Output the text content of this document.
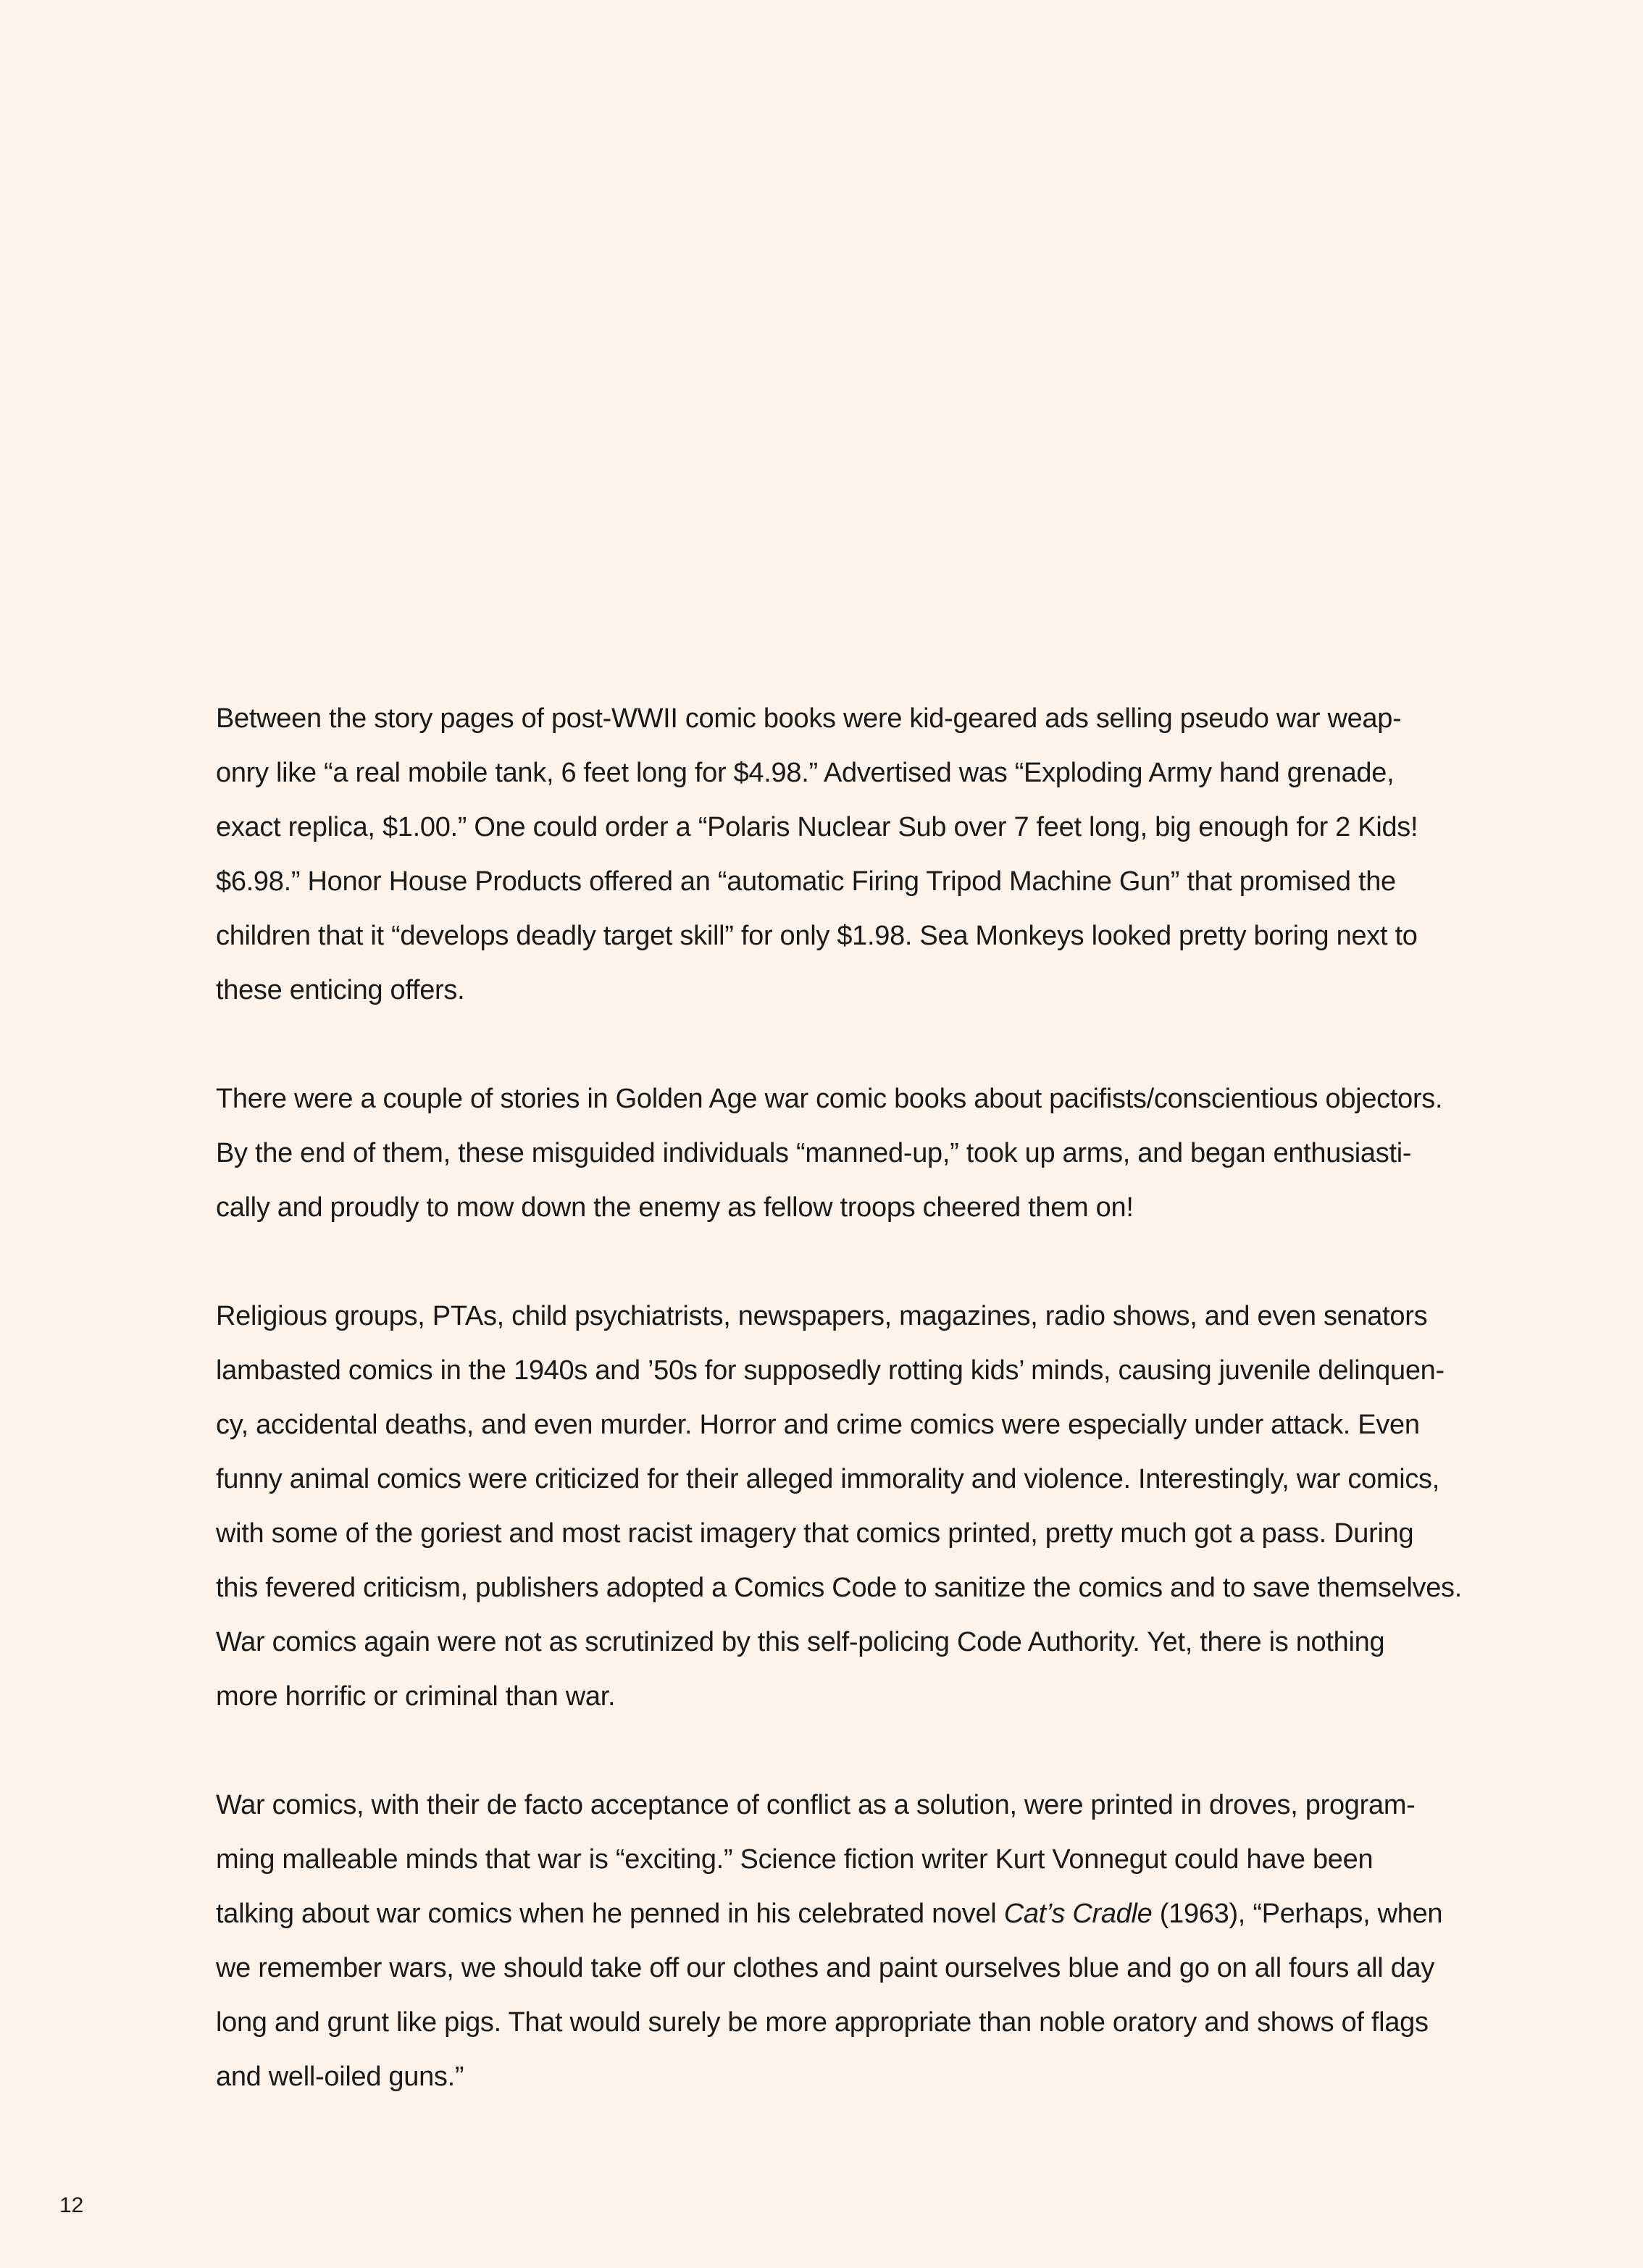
Between the story pages of post-WWII comic books were kid-geared ads selling pseudo war weap-
onry like “a real mobile tank, 6 feet long for $4.98.” Advertised was “Exploding Army hand grenade,
exact replica, $1.00.” One could order a “Polaris Nuclear Sub over 7 feet long, big enough for 2 Kids!
$6.98.” Honor House Products offered an “automatic Firing Tripod Machine Gun” that promised the
children that it “develops deadly target skill” for only $1.98. Sea Monkeys looked pretty boring next to
these enticing offers.

There were a couple of stories in Golden Age war comic books about pacifists/conscientious objectors.
By the end of them, these misguided individuals “manned-up,” took up arms, and began enthusiasti-
cally and proudly to mow down the enemy as fellow troops cheered them on!

Religious groups, PTAs, child psychiatrists, newspapers, magazines, radio shows, and even senators
lambasted comics in the 1940s and ’50s for supposedly rotting kids’ minds, causing juvenile delinquen-
cy, accidental deaths, and even murder. Horror and crime comics were especially under attack. Even
funny animal comics were criticized for their alleged immorality and violence. Interestingly, war comics,
with some of the goriest and most racist imagery that comics printed, pretty much got a pass. During
this fevered criticism, publishers adopted a Comics Code to sanitize the comics and to save themselves.
War comics again were not as scrutinized by this self-policing Code Authority. Yet, there is nothing
more horrific or criminal than war.

War comics, with their de facto acceptance of conflict as a solution, were printed in droves, program-
ming malleable minds that war is “exciting.” Science fiction writer Kurt Vonnegut could have been
talking about war comics when he penned in his celebrated novel Cat’s Cradle (1963), “Perhaps, when
we remember wars, we should take off our clothes and paint ourselves blue and go on all fours all day
long and grunt like pigs. That would surely be more appropriate than noble oratory and shows of flags
and well-oiled guns.”

12
